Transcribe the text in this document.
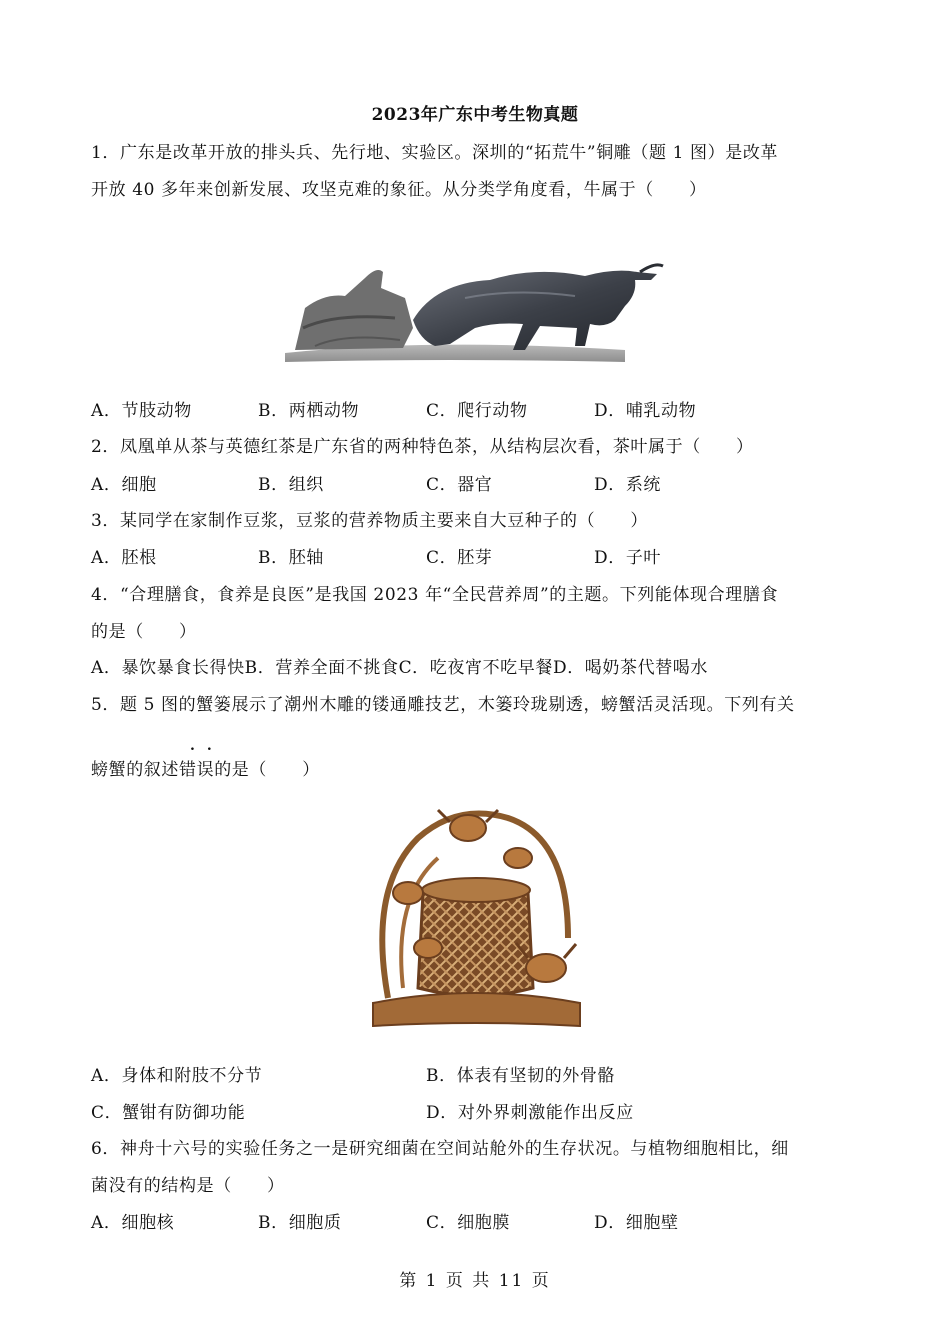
2023年广东中考生物真题
1．广东是改革开放的排头兵、先行地、实验区。深圳的“拓荒牛”铜雕（题 1 图）是改革
开放 40 多年来创新发展、攻坚克难的象征。从分类学角度看，牛属于（　　）
A．节肢动物	B．两栖动物	C．爬行动物	D．哺乳动物
2．凤凰单从茶与英德红茶是广东省的两种特色茶，从结构层次看，茶叶属于（　　）
A．细胞	B．组织	C．器官	D．系统
3．某同学在家制作豆浆，豆浆的营养物质主要来自大豆种子的（　　）
A．胚根	B．胚轴	C．胚芽	D．子叶
4．“合理膳食，食养是良医”是我国 2023 年“全民营养周”的主题。下列能体现合理膳食
的是（　　）
A．暴饮暴食长得快B．营养全面不挑食C．吃夜宵不吃早餐D．喝奶茶代替喝水
5．题 5 图的蟹篓展示了潮州木雕的镂通雕技艺，木篓玲珑剔透，螃蟹活灵活现。下列有关
..
螃蟹的叙述错误的是（　　）
A．身体和附肢不分节	B．体表有坚韧的外骨骼
C．蟹钳有防御功能	D．对外界刺激能作出反应
6．神舟十六号的实验任务之一是研究细菌在空间站舱外的生存状况。与植物细胞相比，细
菌没有的结构是（　　）
A．细胞核	B．细胞质	C．细胞膜	D．细胞壁
第 1 页 共 11 页
